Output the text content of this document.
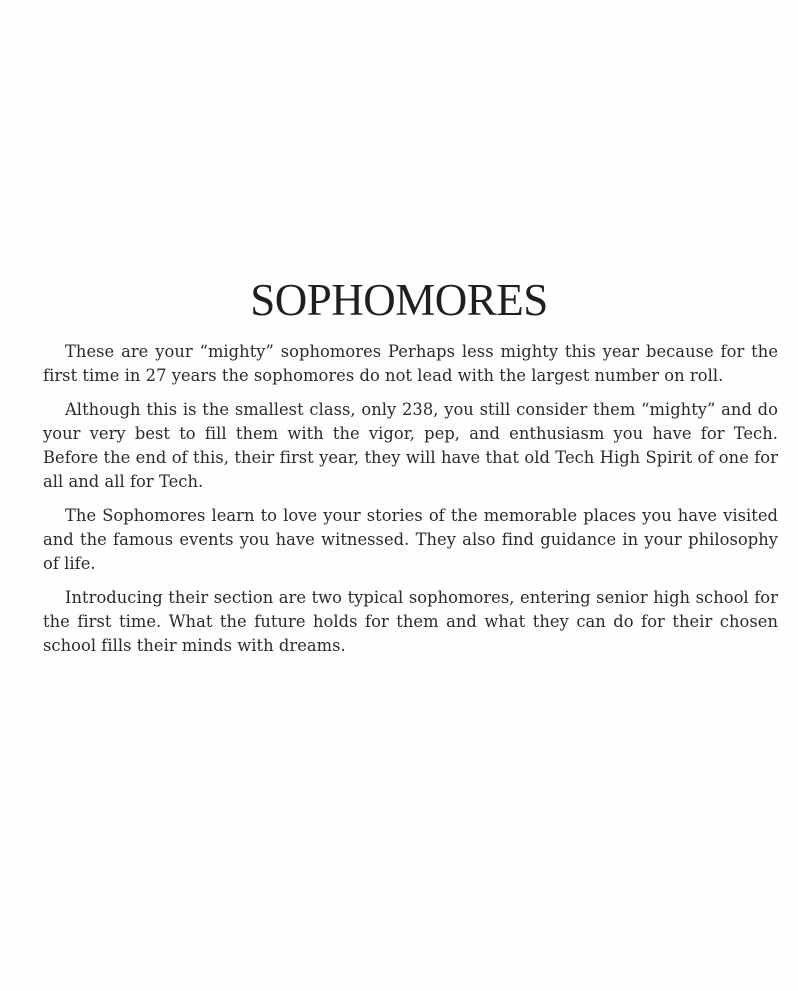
SOPHOMORES

These are your “mighty” sophomores Perhaps less mighty this year because for the first time in 27 years the sophomores do not lead with the largest number on roll.

Although this is the smallest class, only 238, you still consider them “mighty” and do your very best to fill them with the vigor, pep, and enthusiasm you have for Tech. Before the end of this, their first year, they will have that old Tech High Spirit of one for all and all for Tech.

The Sophomores learn to love your stories of the memorable places you have visited and the famous events you have witnessed. They also find guidance in your philosophy of life.

Introducing their section are two typical sophomores, entering senior high school for the first time. What the future holds for them and what they can do for their chosen school fills their minds with dreams.
